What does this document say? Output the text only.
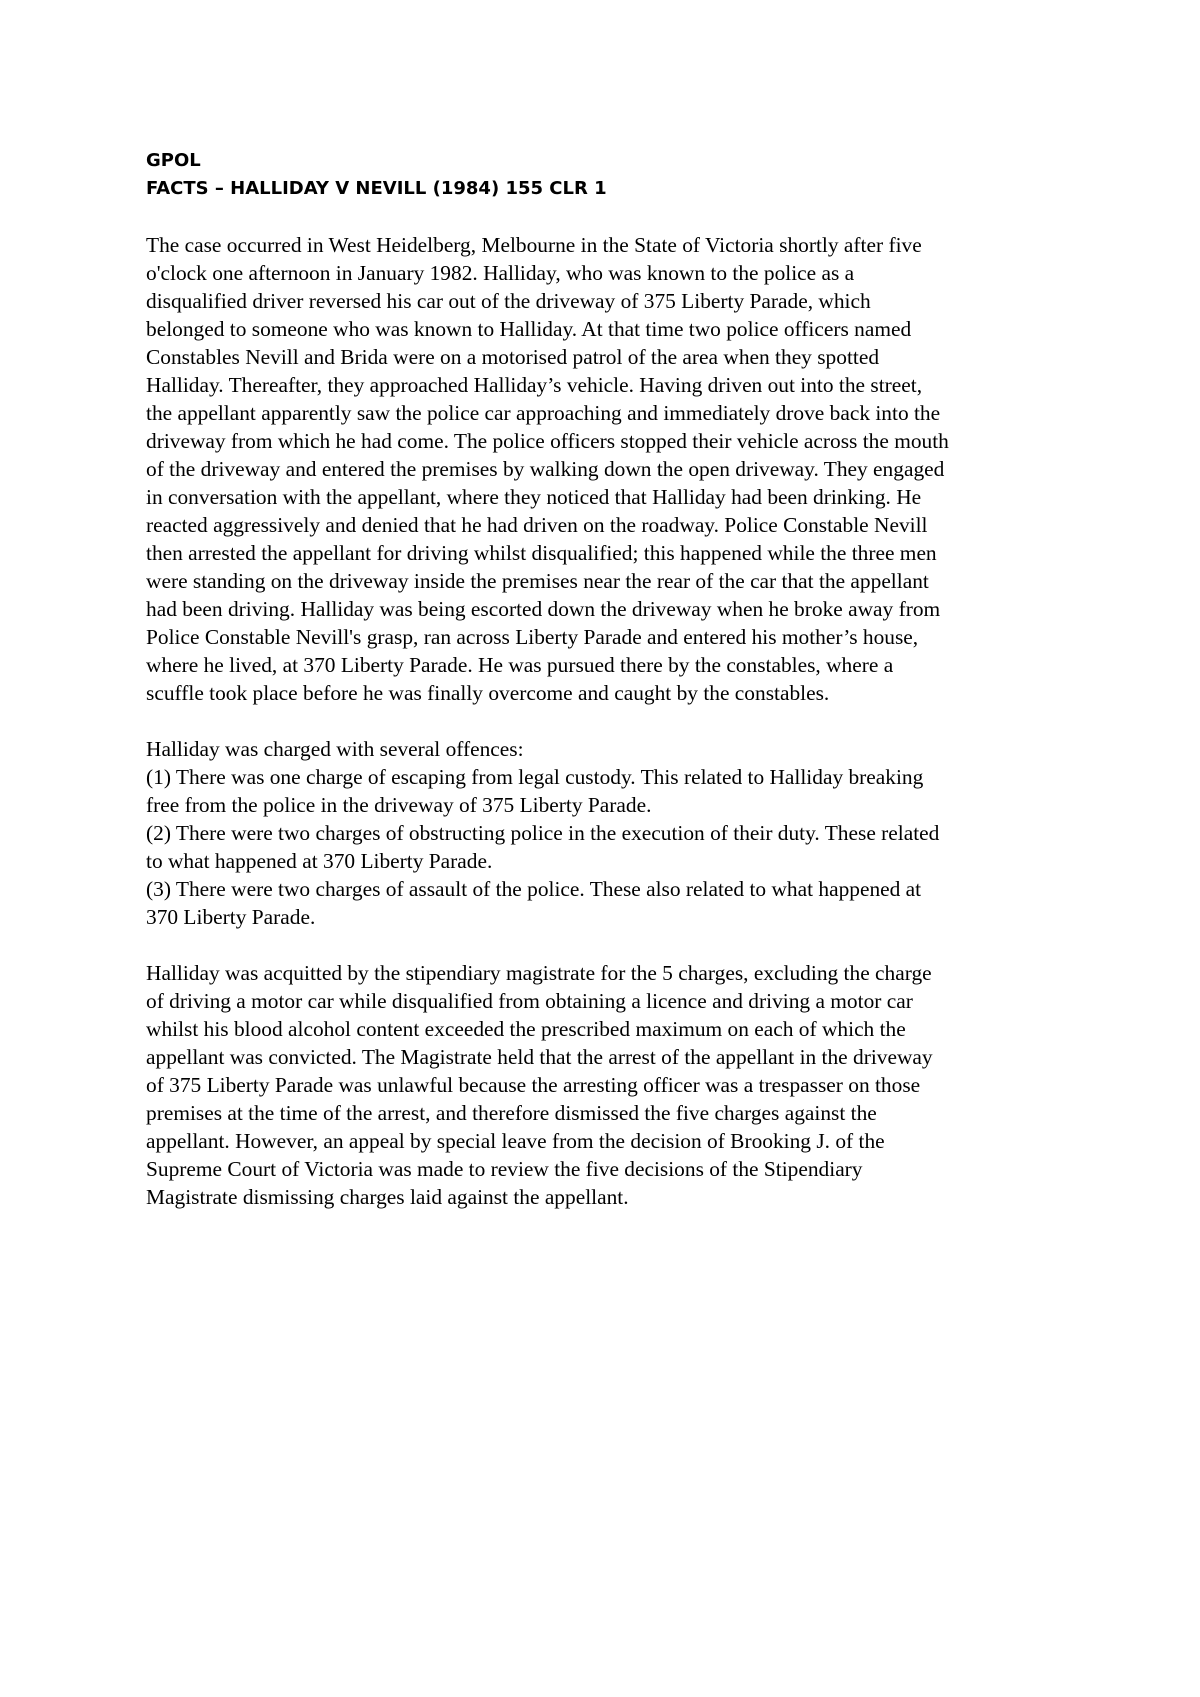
GPOL

FACTS – HALLIDAY V NEVILL (1984) 155 CLR 1

The case occurred in West Heidelberg, Melbourne in the State of Victoria shortly after five
o'clock one afternoon in January 1982. Halliday, who was known to the police as a
disqualified driver reversed his car out of the driveway of 375 Liberty Parade, which
belonged to someone who was known to Halliday. At that time two police officers named
Constables Nevill and Brida were on a motorised patrol of the area when they spotted
Halliday. Thereafter, they approached Halliday’s vehicle. Having driven out into the street,
the appellant apparently saw the police car approaching and immediately drove back into the
driveway from which he had come. The police officers stopped their vehicle across the mouth
of the driveway and entered the premises by walking down the open driveway. They engaged
in conversation with the appellant, where they noticed that Halliday had been drinking. He
reacted aggressively and denied that he had driven on the roadway. Police Constable Nevill
then arrested the appellant for driving whilst disqualified; this happened while the three men
were standing on the driveway inside the premises near the rear of the car that the appellant
had been driving. Halliday was being escorted down the driveway when he broke away from
Police Constable Nevill's grasp, ran across Liberty Parade and entered his mother’s house,
where he lived, at 370 Liberty Parade. He was pursued there by the constables, where a
scuffle took place before he was finally overcome and caught by the constables.

Halliday was charged with several offences:
(1) There was one charge of escaping from legal custody. This related to Halliday breaking
free from the police in the driveway of 375 Liberty Parade.
(2) There were two charges of obstructing police in the execution of their duty. These related
to what happened at 370 Liberty Parade.
(3) There were two charges of assault of the police. These also related to what happened at
370 Liberty Parade.

Halliday was acquitted by the stipendiary magistrate for the 5 charges, excluding the charge
of driving a motor car while disqualified from obtaining a licence and driving a motor car
whilst his blood alcohol content exceeded the prescribed maximum on each of which the
appellant was convicted. The Magistrate held that the arrest of the appellant in the driveway
of 375 Liberty Parade was unlawful because the arresting officer was a trespasser on those
premises at the time of the arrest, and therefore dismissed the five charges against the
appellant. However, an appeal by special leave from the decision of Brooking J. of the
Supreme Court of Victoria was made to review the five decisions of the Stipendiary
Magistrate dismissing charges laid against the appellant.
